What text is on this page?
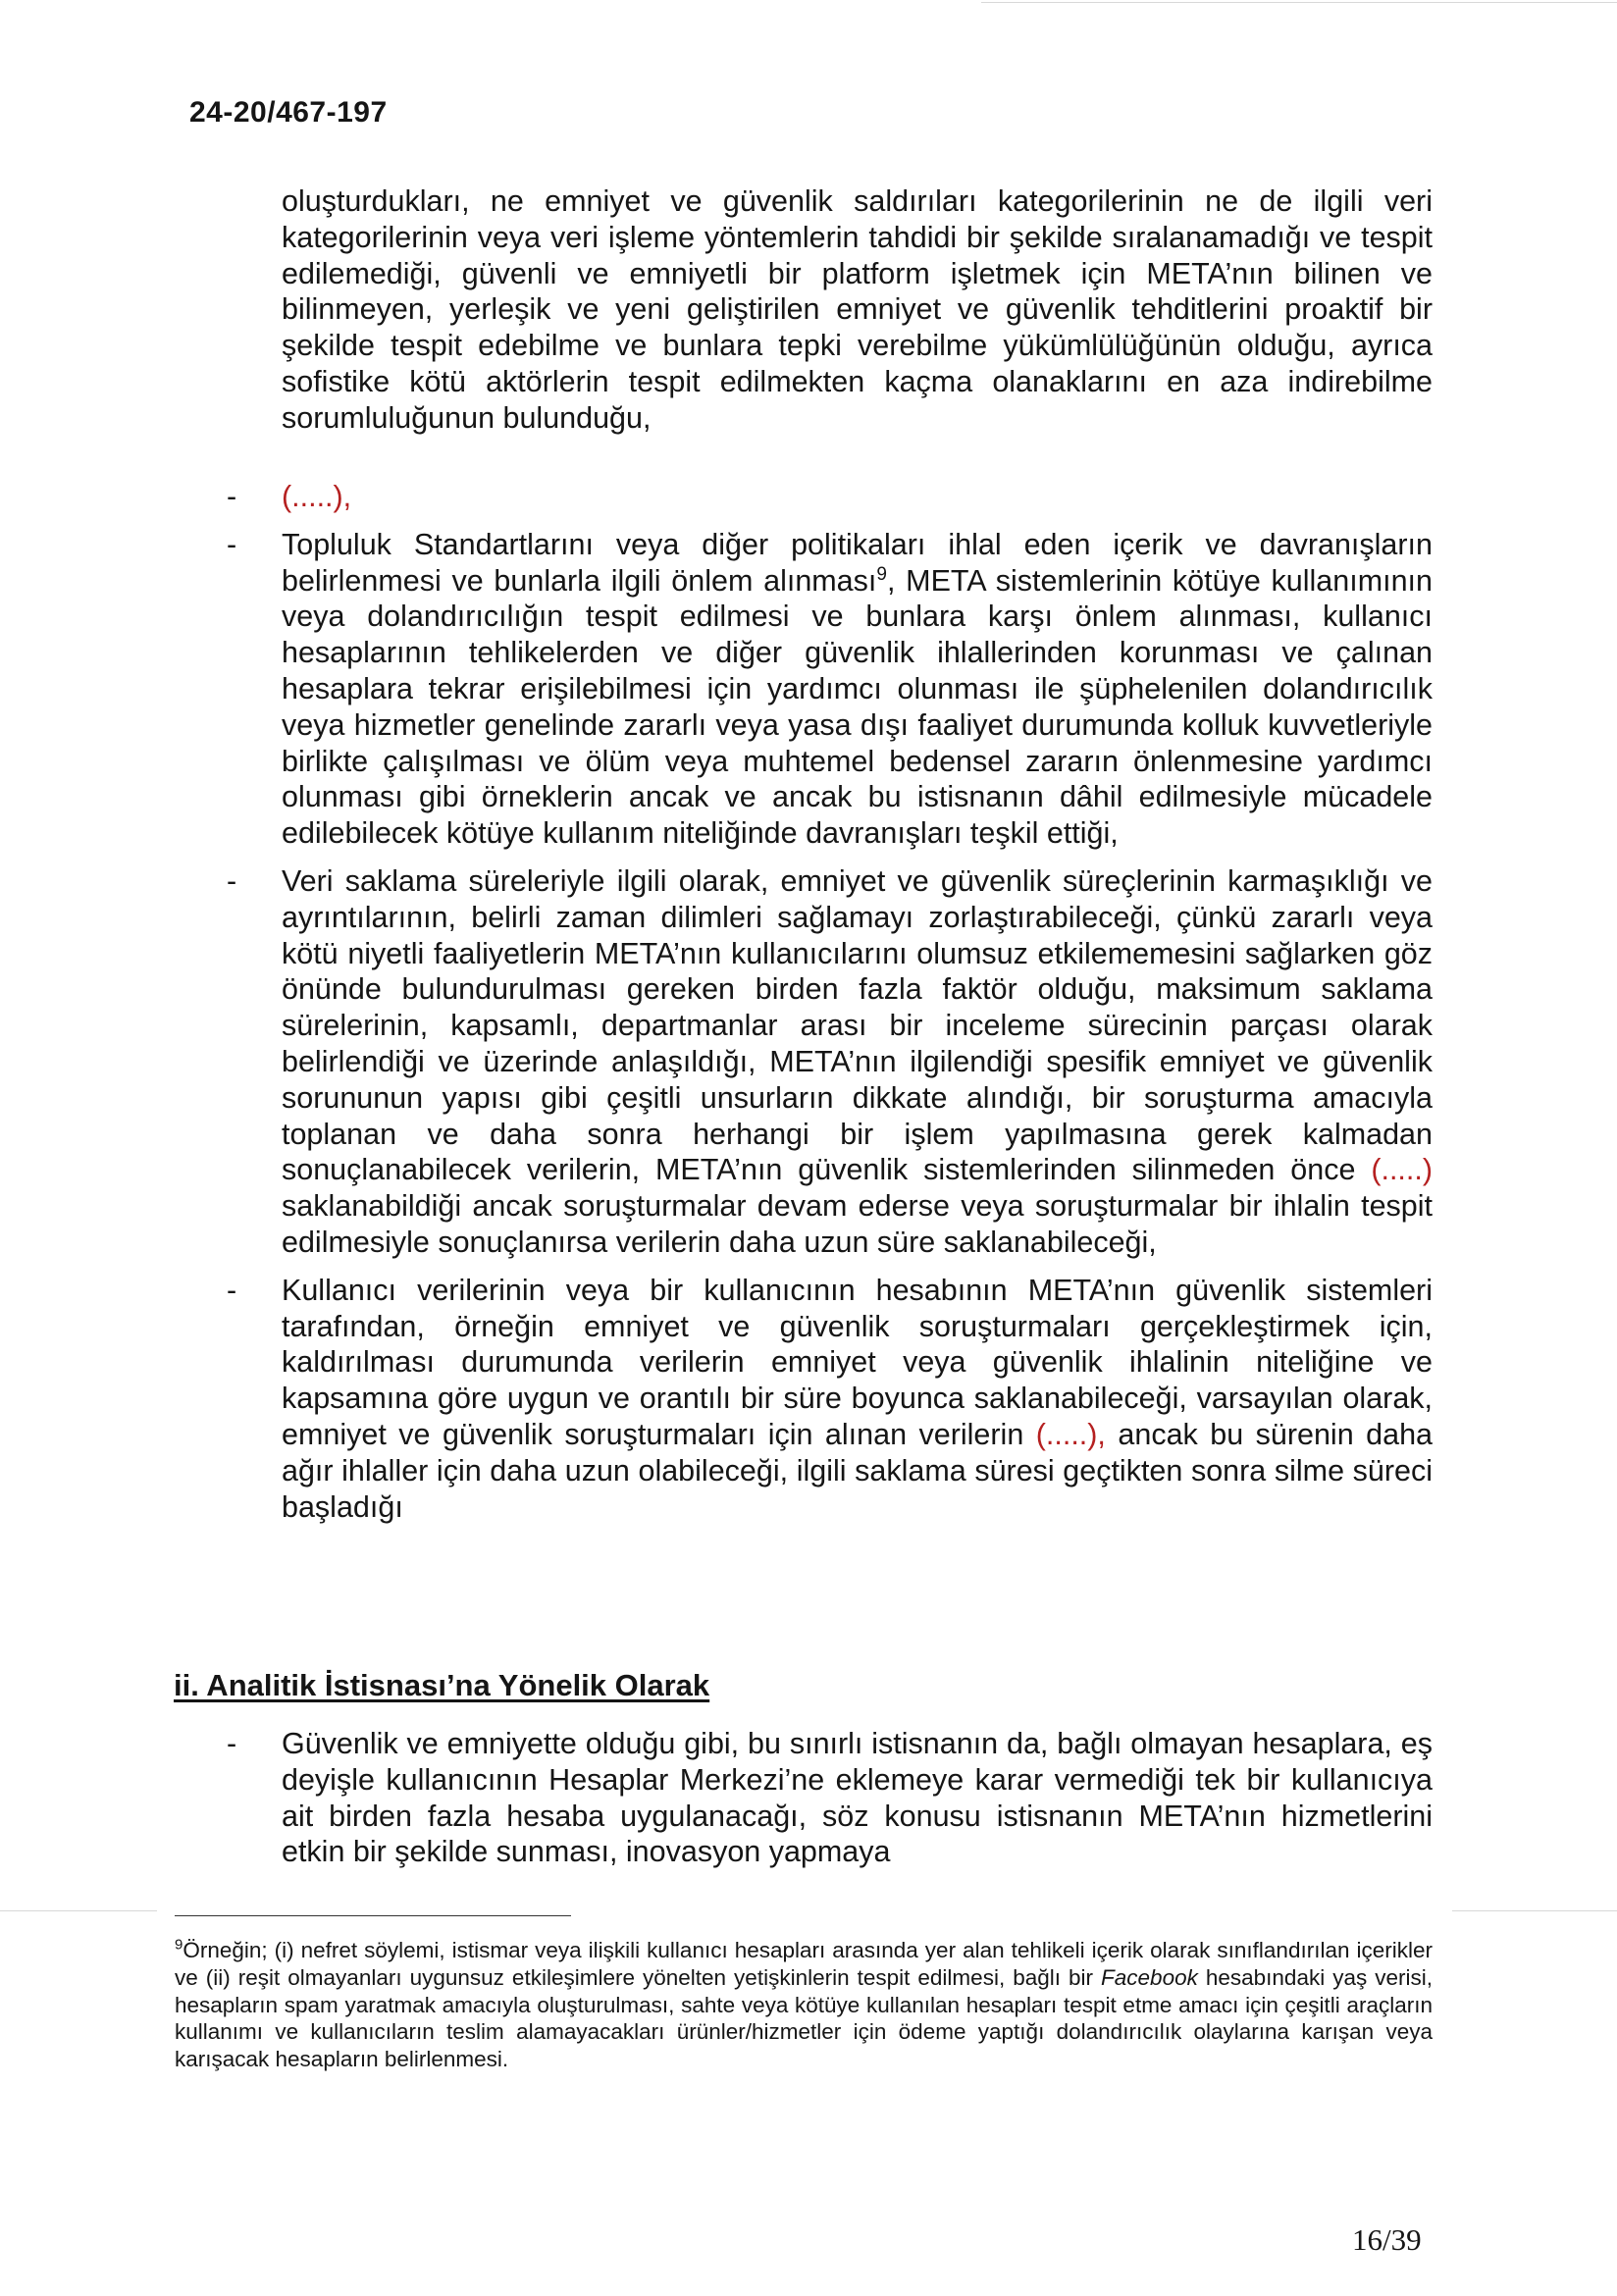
24-20/467-197

oluşturdukları, ne emniyet ve güvenlik saldırıları kategorilerinin ne de ilgili veri kategorilerinin veya veri işleme yöntemlerin tahdidi bir şekilde sıralanamadığı ve tespit edilemediği, güvenli ve emniyetli bir platform işletmek için META’nın bilinen ve bilinmeyen, yerleşik ve yeni geliştirilen emniyet ve güvenlik tehditlerini proaktif bir şekilde tespit edebilme ve bunlara tepki verebilme yükümlülüğünün olduğu, ayrıca sofistike kötü aktörlerin tespit edilmekten kaçma olanaklarını en aza indirebilme sorumluluğunun bulunduğu,

- (.....),
- Topluluk Standartlarını veya diğer politikaları ihlal eden içerik ve davranışların belirlenmesi ve bunlarla ilgili önlem alınması$^9$, META sistemlerinin kötüye kullanımının veya dolandırıcılığın tespit edilmesi ve bunlara karşı önlem alınması, kullanıcı hesaplarının tehlikelerden ve diğer güvenlik ihlallerinden korunması ve çalınan hesaplara tekrar erişilebilmesi için yardımcı olunması ile şüphelenilen dolandırıcılık veya hizmetler genelinde zararlı veya yasa dışı faaliyet durumunda kolluk kuvvetleriyle birlikte çalışılması ve ölüm veya muhtemel bedensel zararın önlenmesine yardımcı olunması gibi örneklerin ancak ve ancak bu istisnanın dâhil edilmesiyle mücadele edilebilecek kötüye kullanım niteliğinde davranışları teşkil ettiği,
- Veri saklama süreleriyle ilgili olarak, emniyet ve güvenlik süreçlerinin karmaşıklığı ve ayrıntılarının, belirli zaman dilimleri sağlamayı zorlaştırabileceği, çünkü zararlı veya kötü niyetli faaliyetlerin META’nın kullanıcılarını olumsuz etkilememesini sağlarken göz önünde bulundurulması gereken birden fazla faktör olduğu, maksimum saklama sürelerinin, kapsamlı, departmanlar arası bir inceleme sürecinin parçası olarak belirlendiği ve üzerinde anlaşıldığı, META’nın ilgilendiği spesifik emniyet ve güvenlik sorununun yapısı gibi çeşitli unsurların dikkate alındığı, bir soruşturma amacıyla toplanan ve daha sonra herhangi bir işlem yapılmasına gerek kalmadan sonuçlanabilecek verilerin, META’nın güvenlik sistemlerinden silinmeden önce (.....) saklanabildiği ancak soruşturmalar devam ederse veya soruşturmalar bir ihlalin tespit edilmesiyle sonuçlanırsa verilerin daha uzun süre saklanabileceği,
- Kullanıcı verilerinin veya bir kullanıcının hesabının META’nın güvenlik sistemleri tarafından, örneğin emniyet ve güvenlik soruşturmaları gerçekleştirmek için, kaldırılması durumunda verilerin emniyet veya güvenlik ihlalinin niteliğine ve kapsamına göre uygun ve orantılı bir süre boyunca saklanabileceği, varsayılan olarak, emniyet ve güvenlik soruşturmaları için alınan verilerin (.....), ancak bu sürenin daha ağır ihlaller için daha uzun olabileceği, ilgili saklama süresi geçtikten sonra silme süreci başladığı
ii. Analitik İstisnası’na Yönelik Olarak
- Güvenlik ve emniyette olduğu gibi, bu sınırlı istisnanın da, bağlı olmayan hesaplara, eş deyişle kullanıcının Hesaplar Merkezi’ne eklemeye karar vermediği tek bir kullanıcıya ait birden fazla hesaba uygulanacağı, söz konusu istisnanın META’nın hizmetlerini etkin bir şekilde sunması, inovasyon yapmaya

$^9$Örneğin; (i) nefret söylemi, istismar veya ilişkili kullanıcı hesapları arasında yer alan tehlikeli içerik olarak sınıflandırılan içerikler ve (ii) reşit olmayanları uygunsuz etkileşimlere yönelten yetişkinlerin tespit edilmesi, bağlı bir Facebook hesabındaki yaş verisi, hesapların spam yaratmak amacıyla oluşturulması, sahte veya kötüye kullanılan hesapları tespit etme amacı için çeşitli araçların kullanımı ve kullanıcıların teslim alamayacakları ürünler/hizmetler için ödeme yaptığı dolandırıcılık olaylarına karışan veya karışacak hesapların belirlenmesi.

16/39
